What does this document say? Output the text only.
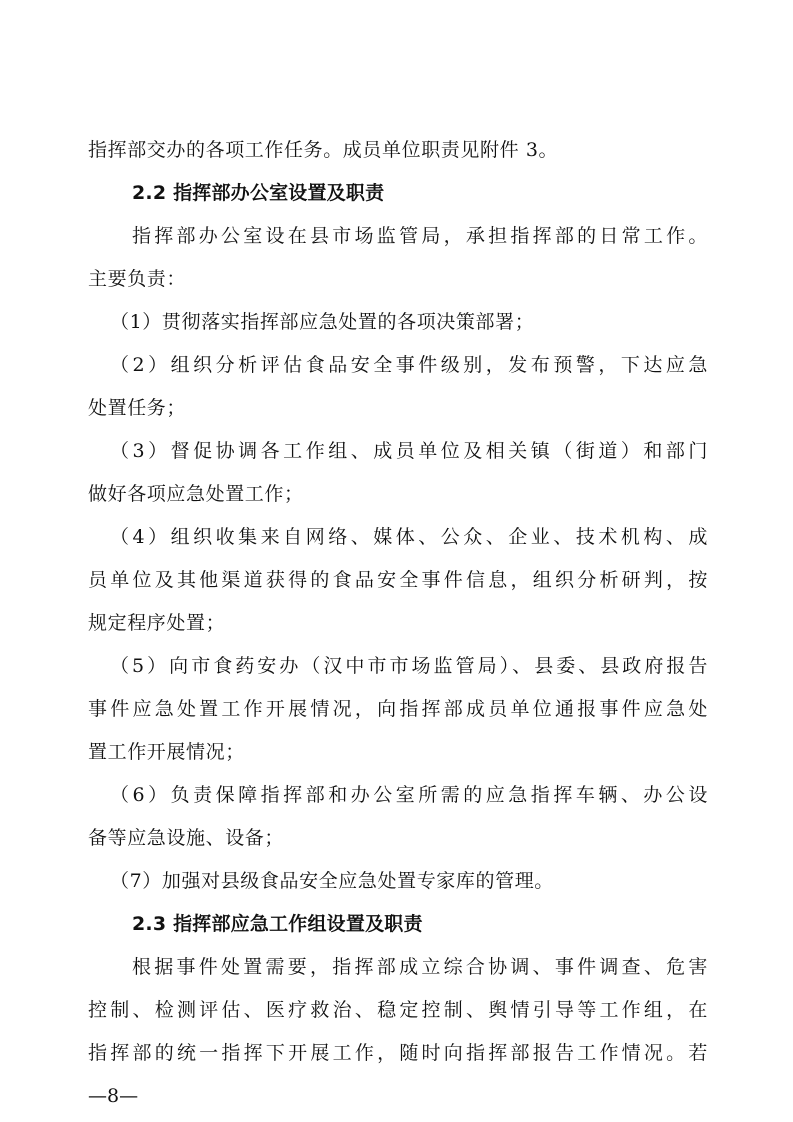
指挥部交办的各项工作任务。成员单位职责见附件 3。
2.2 指挥部办公室设置及职责
指挥部办公室设在县市场监管局，承担指挥部的日常工作。
主要负责：
（1）贯彻落实指挥部应急处置的各项决策部署；
（2）组织分析评估食品安全事件级别，发布预警，下达应急
处置任务；
（3）督促协调各工作组、成员单位及相关镇（街道）和部门
做好各项应急处置工作；
（4）组织收集来自网络、媒体、公众、企业、技术机构、成
员单位及其他渠道获得的食品安全事件信息，组织分析研判，按
规定程序处置；
（5）向市食药安办（汉中市市场监管局）、县委、县政府报告
事件应急处置工作开展情况，向指挥部成员单位通报事件应急处
置工作开展情况；
（6）负责保障指挥部和办公室所需的应急指挥车辆、办公设
备等应急设施、设备；
（7）加强对县级食品安全应急处置专家库的管理。
2.3 指挥部应急工作组设置及职责
根据事件处置需要，指挥部成立综合协调、事件调查、危害
控制、检测评估、医疗救治、稳定控制、舆情引导等工作组，在
指挥部的统一指挥下开展工作，随时向指挥部报告工作情况。若
—8—
